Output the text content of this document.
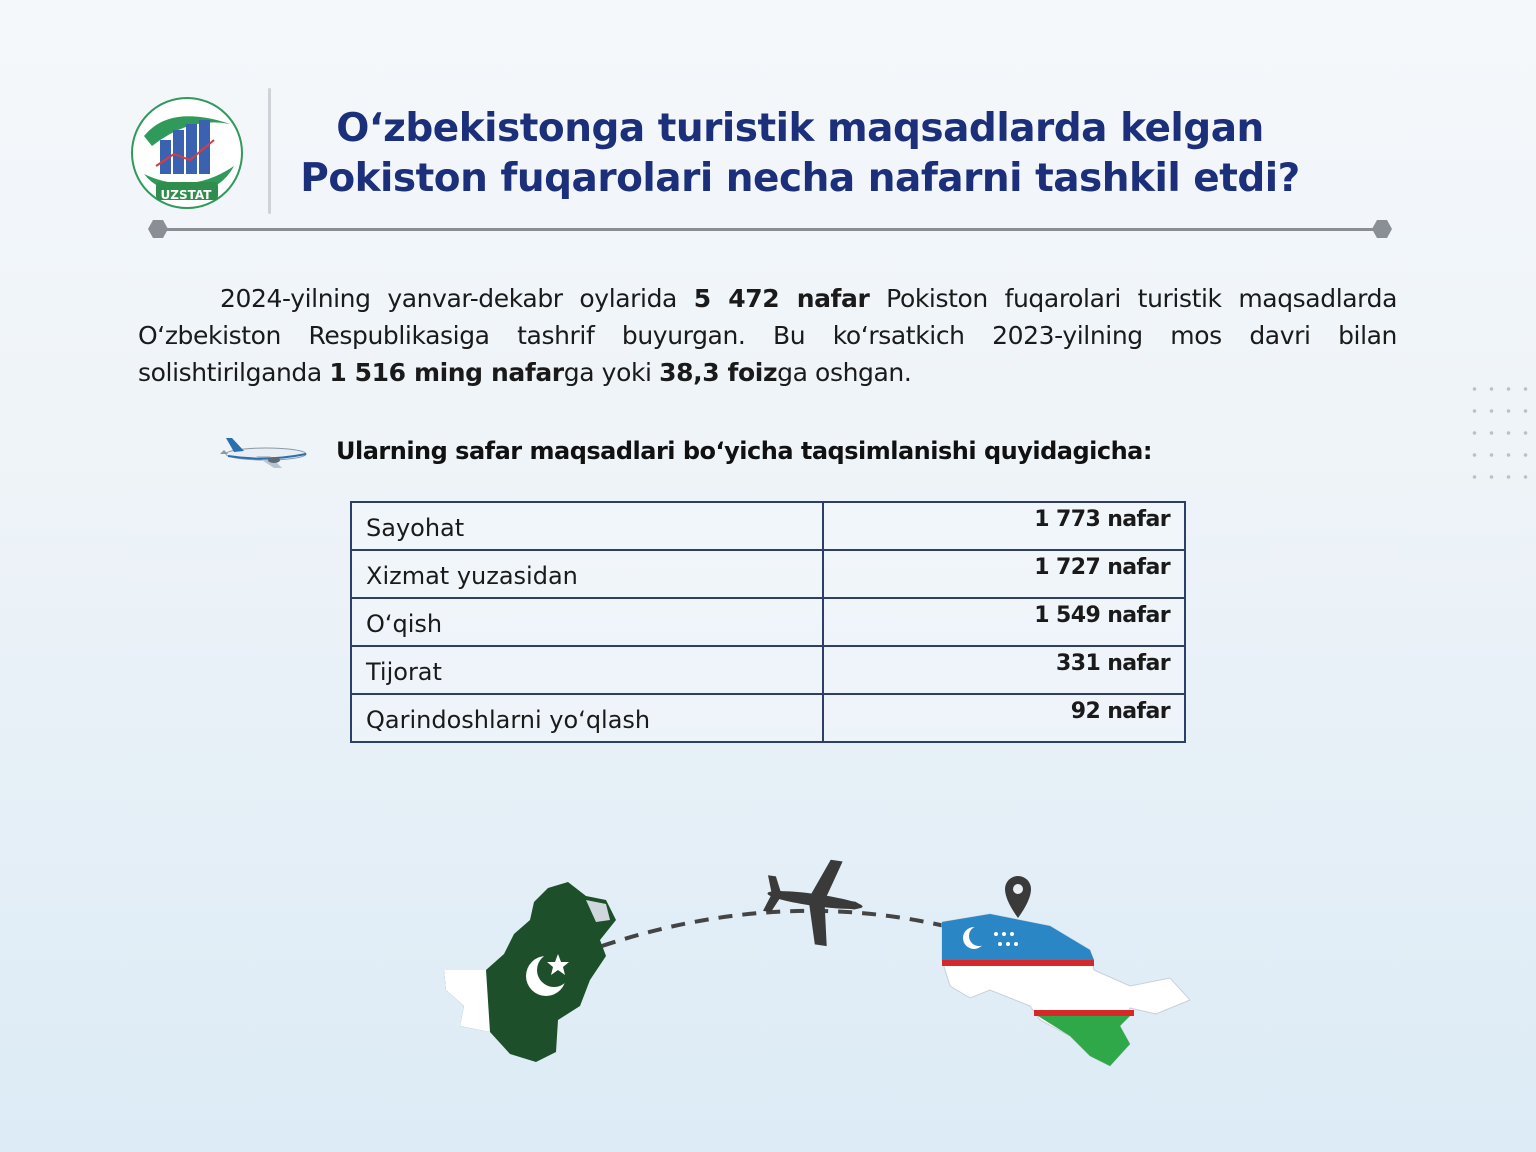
UZSTAT
O‘zbekistonga turistik maqsadlarda kelgan
Pokiston fuqarolari necha nafarni tashkil etdi?

2024-yilning yanvar-dekabr oylarida 5 472 nafar Pokiston fuqarolari turistik maqsadlarda O‘zbekiston Respublikasiga tashrif buyurgan. Bu ko‘rsatkich 2023-yilning mos davri bilan solishtirilganda 1 516 ming nafarga yoki 38,3 foizga oshgan.

Ularning safar maqsadlari bo‘yicha taqsimlanishi quyidagicha:
Sayohat	1 773 nafar
Xizmat yuzasidan	1 727 nafar
O‘qish	1 549 nafar
Tijorat	331 nafar
Qarindoshlarni yo‘qlash	92 nafar
